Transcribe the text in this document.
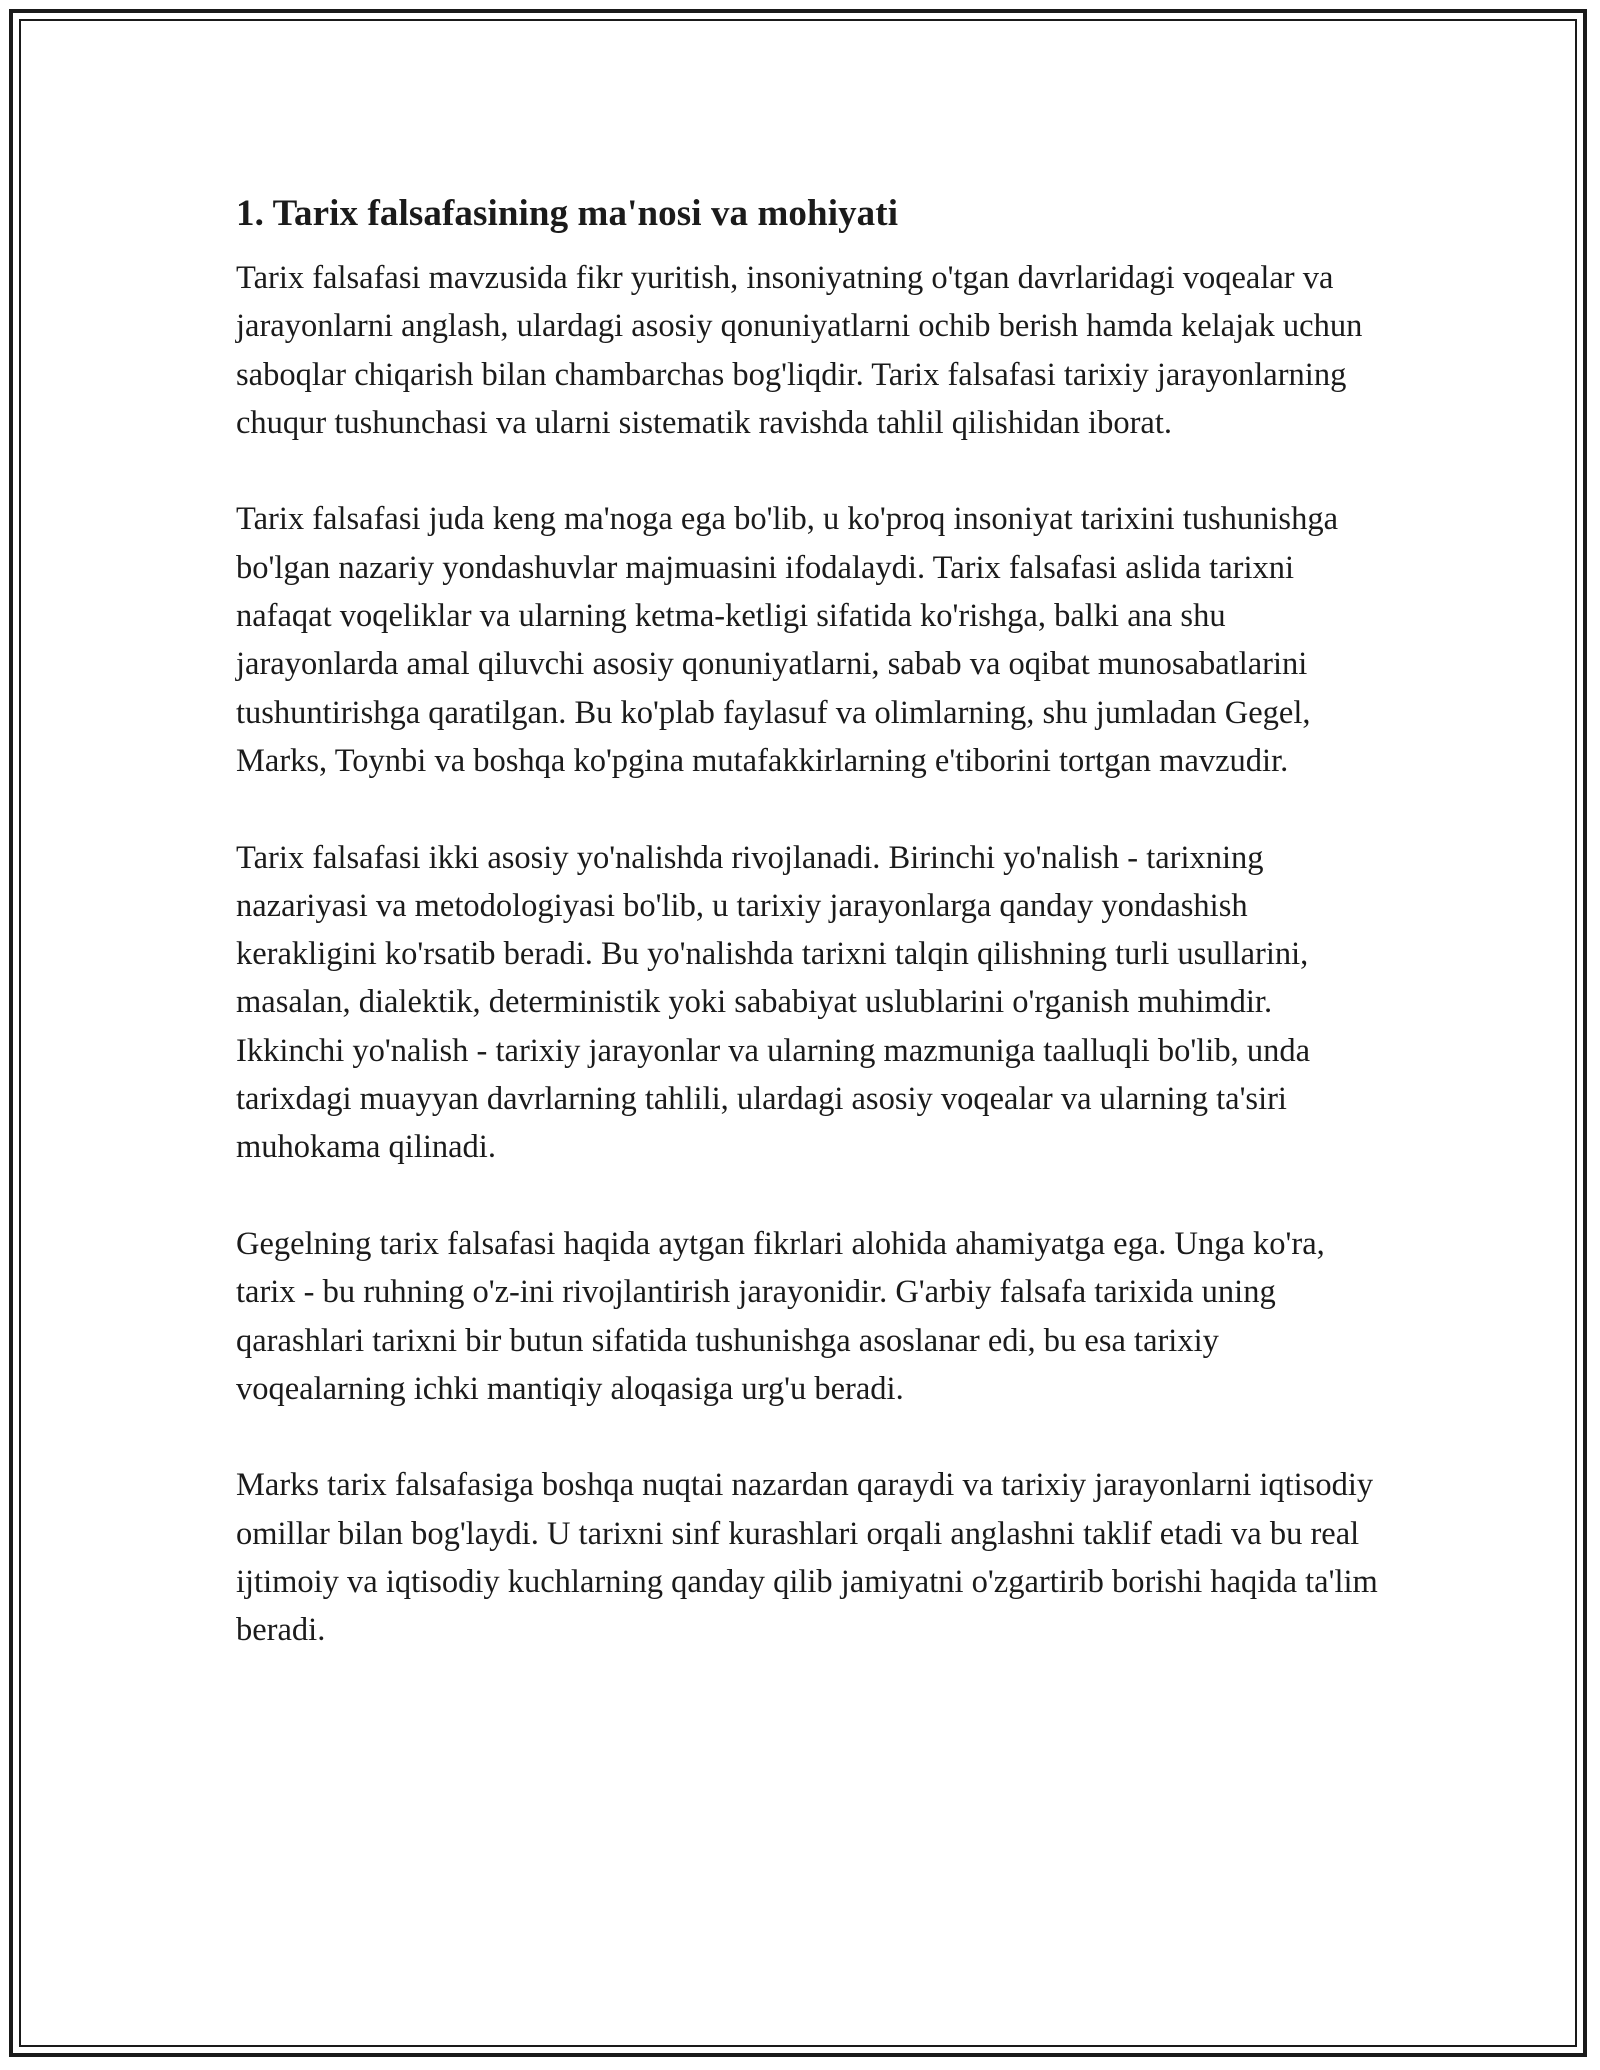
1. Tarix falsafasining ma'nosi va mohiyati

Tarix falsafasi mavzusida fikr yuritish, insoniyatning o'tgan davrlaridagi voqealar va jarayonlarni anglash, ulardagi asosiy qonuniyatlarni ochib berish hamda kelajak uchun saboqlar chiqarish bilan chambarchas bog'liqdir. Tarix falsafasi tarixiy jarayonlarning chuqur tushunchasi va ularni sistematik ravishda tahlil qilishidan iborat.

Tarix falsafasi juda keng ma'noga ega bo'lib, u ko'proq insoniyat tarixini tushunishga bo'lgan nazariy yondashuvlar majmuasini ifodalaydi. Tarix falsafasi aslida tarixni nafaqat voqeliklar va ularning ketma-ketligi sifatida ko'rishga, balki ana shu jarayonlarda amal qiluvchi asosiy qonuniyatlarni, sabab va oqibat munosabatlarini tushuntirishga qaratilgan. Bu ko'plab faylasuf va olimlarning, shu jumladan Gegel, Marks, Toynbi va boshqa ko'pgina mutafakkirlarning e'tiborini tortgan mavzudir.

Tarix falsafasi ikki asosiy yo'nalishda rivojlanadi. Birinchi yo'nalish - tarixning nazariyasi va metodologiyasi bo'lib, u tarixiy jarayonlarga qanday yondashish kerakligini ko'rsatib beradi. Bu yo'nalishda tarixni talqin qilishning turli usullarini, masalan, dialektik, deterministik yoki sababiyat uslublarini o'rganish muhimdir. Ikkinchi yo'nalish - tarixiy jarayonlar va ularning mazmuniga taalluqli bo'lib, unda tarixdagi muayyan davrlarning tahlili, ulardagi asosiy voqealar va ularning ta'siri muhokama qilinadi.

Gegelning tarix falsafasi haqida aytgan fikrlari alohida ahamiyatga ega. Unga ko'ra, tarix - bu ruhning o'z-ini rivojlantirish jarayonidir. G'arbiy falsafa tarixida uning qarashlari tarixni bir butun sifatida tushunishga asoslanar edi, bu esa tarixiy voqealarning ichki mantiqiy aloqasiga urg'u beradi.

Marks tarix falsafasiga boshqa nuqtai nazardan qaraydi va tarixiy jarayonlarni iqtisodiy omillar bilan bog'laydi. U tarixni sinf kurashlari orqali anglashni taklif etadi va bu real ijtimoiy va iqtisodiy kuchlarning qanday qilib jamiyatni o'zgartirib borishi haqida ta'lim beradi.
